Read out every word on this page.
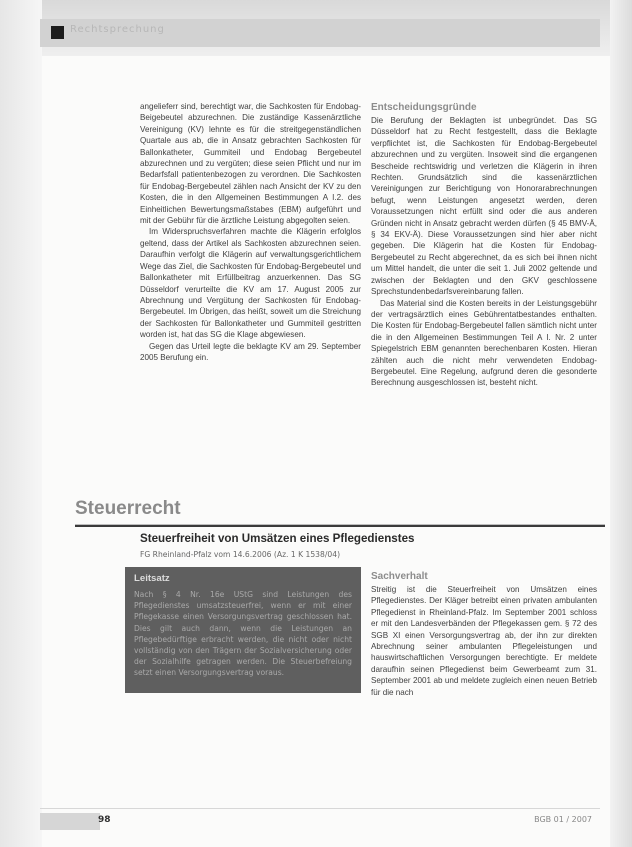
Rechtsprechung

angelieferr sind, berechtigt war, die Sachkosten für Endobag-Beigebeutel abzurechnen. Die zuständige Kassenärztliche Vereinigung (KV) lehnte es für die streitgegenständlichen Quartale aus ab, die in Ansatz gebrachten Sachkosten für Ballonkatheter, Gummiteil und Endobag Bergebeutel abzurechnen und zu vergüten; diese seien Pflicht und nur im Bedarfsfall patientenbezogen zu verordnen. Die Sachkosten für Endobag-Bergebeutel zählen nach Ansicht der KV zu den Kosten, die in den Allgemeinen Bestimmungen A I.2. des Einheitlichen Bewertungsmaßstabes (EBM) aufgeführt und mit der Gebühr für die ärztliche Leistung abgegolten seien.

Im Widerspruchsverfahren machte die Klägerin erfolglos geltend, dass der Artikel als Sachkosten abzurechnen seien. Daraufhin verfolgt die Klägerin auf verwaltungsgerichtlichem Wege das Ziel, die Sachkosten für Endobag-Bergebeutel und Ballonkatheter mit Erfüllbeitrag anzuerkennen. Das SG Düsseldorf verurteilte die KV am 17. August 2005 zur Abrechnung und Vergütung der Sachkosten für Endobag-Bergebeutel. Im Übrigen, das heißt, soweit um die Streichung der Sachkosten für Ballonkatheter und Gummiteil gestritten worden ist, hat das SG die Klage abgewiesen.

Gegen das Urteil legte die beklagte KV am 29. September 2005 Berufung ein.

Entscheidungsgründe

Die Berufung der Beklagten ist unbegründet. Das SG Düsseldorf hat zu Recht festgestellt, dass die Beklagte verpflichtet ist, die Sachkosten für Endobag-Bergebeutel abzurechnen und zu vergüten. Insoweit sind die ergangenen Bescheide rechtswidrig und verletzen die Klägerin in ihren Rechten. Grundsätzlich sind die kassenärztlichen Vereinigungen zur Berichtigung von Honorarabrechnungen befugt, wenn Leistungen angesetzt werden, deren Voraussetzungen nicht erfüllt sind oder die aus anderen Gründen nicht in Ansatz gebracht werden dürfen (§ 45 BMV-Ä, § 34 EKV-Ä). Diese Voraussetzungen sind hier aber nicht gegeben. Die Klägerin hat die Kosten für Endobag-Bergebeutel zu Recht abgerechnet, da es sich bei ihnen nicht um Mittel handelt, die unter die seit 1. Juli 2002 geltende und zwischen der Beklagten und den GKV geschlossene Sprechstundenbedarfsvereinbarung fallen.

Das Material sind die Kosten bereits in der Leistungsgebühr der vertragsärztlich eines Gebührentatbestandes enthalten. Die Kosten für Endobag-Bergebeutel fallen sämtlich nicht unter die in den Allgemeinen Bestimmungen Teil A I. Nr. 2 unter Spiegelstrich EBM genannten berechenbaren Kosten. Hieran zählten auch die nicht mehr verwendeten Endobag-Bergebeutel. Eine Regelung, aufgrund deren die gesonderte Berechnung ausgeschlossen ist, besteht nicht.

Steuerrecht
Steuerfreiheit von Umsätzen eines Pflegedienstes
FG Rheinland-Pfalz vom 14.6.2006 (Az. 1 K 1538/04)
Leitsatz

Nach § 4 Nr. 16e UStG sind Leistungen des Pflegedienstes umsatzsteuerfrei, wenn er mit einer Pflegekasse einen Versorgungsvertrag geschlossen hat. Dies gilt auch dann, wenn die Leistungen an Pflegebedürftige erbracht werden, die nicht oder nicht vollständig von den Trägern der Sozialversicherung oder der Sozialhilfe getragen werden. Die Steuerbefreiung setzt einen Versorgungsvertrag voraus.

Sachverhalt

Streitig ist die Steuerfreiheit von Umsätzen eines Pflegedienstes. Der Kläger betreibt einen privaten ambulanten Pflegedienst in Rheinland-Pfalz. Im September 2001 schloss er mit den Landesverbänden der Pflegekassen gem. § 72 des SGB XI einen Versorgungsvertrag ab, der ihn zur direkten Abrechnung seiner ambulanten Pflegeleistungen und hauswirtschaftlichen Versorgungen berechtigte. Er meldete daraufhin seinen Pflegedienst beim Gewerbeamt zum 31. September 2001 ab und meldete zugleich einen neuen Betrieb für die nach

98	BGB 01 / 2007
